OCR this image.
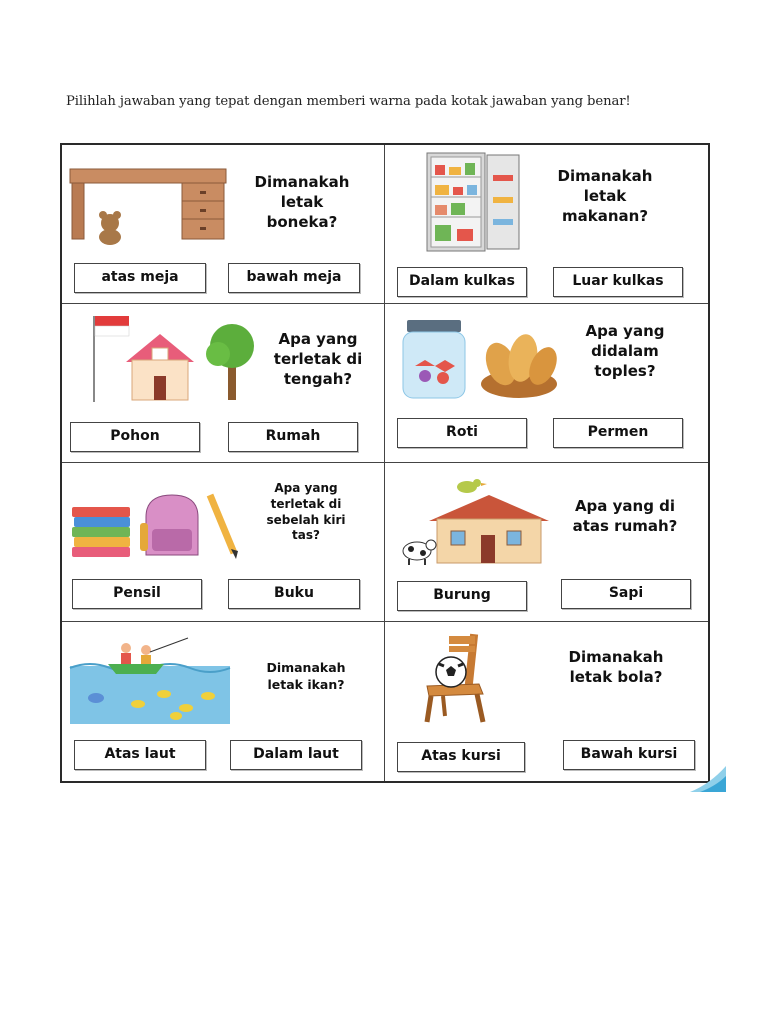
Pilihlah jawaban yang tepat dengan memberi warna pada kotak jawaban yang benar!
Dimanakah
letak
boneka?
atas meja	bawah meja
Dimanakah
letak
makanan?
Dalam kulkas	Luar kulkas
Apa yang
terletak di
tengah?
Pohon	Rumah
Apa yang
didalam
toples?
Roti	Permen
Apa yang
terletak di
sebelah kiri
tas?
Pensil	Buku
Apa yang di
atas rumah?
Burung	Sapi
Dimanakah
letak ikan?
Atas laut	Dalam laut
Dimanakah
letak bola?
Atas kursi	Bawah kursi
